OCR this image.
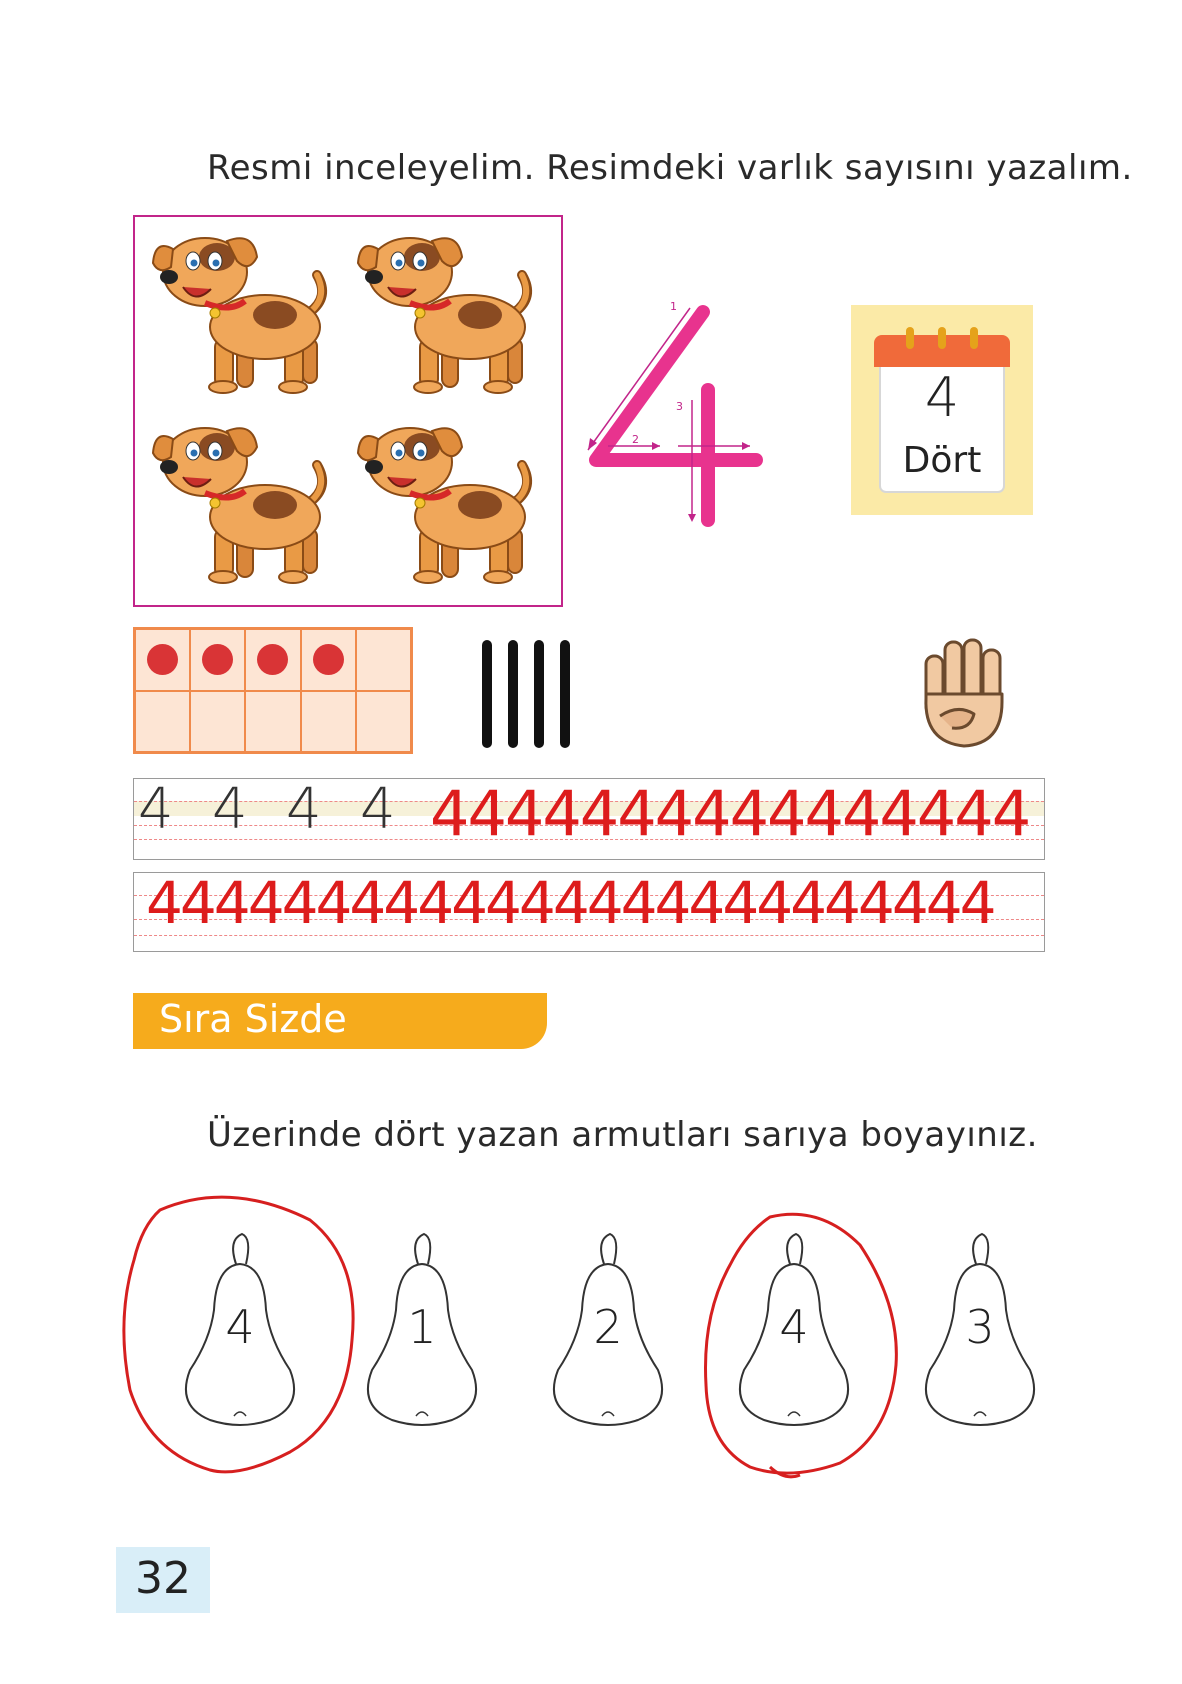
Resmi inceleyelim. Resimdeki varlık sayısını yazalım.
1
2
3	4
Dört
4 4 4 4 4444444444444444
4444444444444444444444444
Sıra Sizde
Üzerinde dört yazan armutları sarıya boyayınız.
4	1	2	4	3
32
